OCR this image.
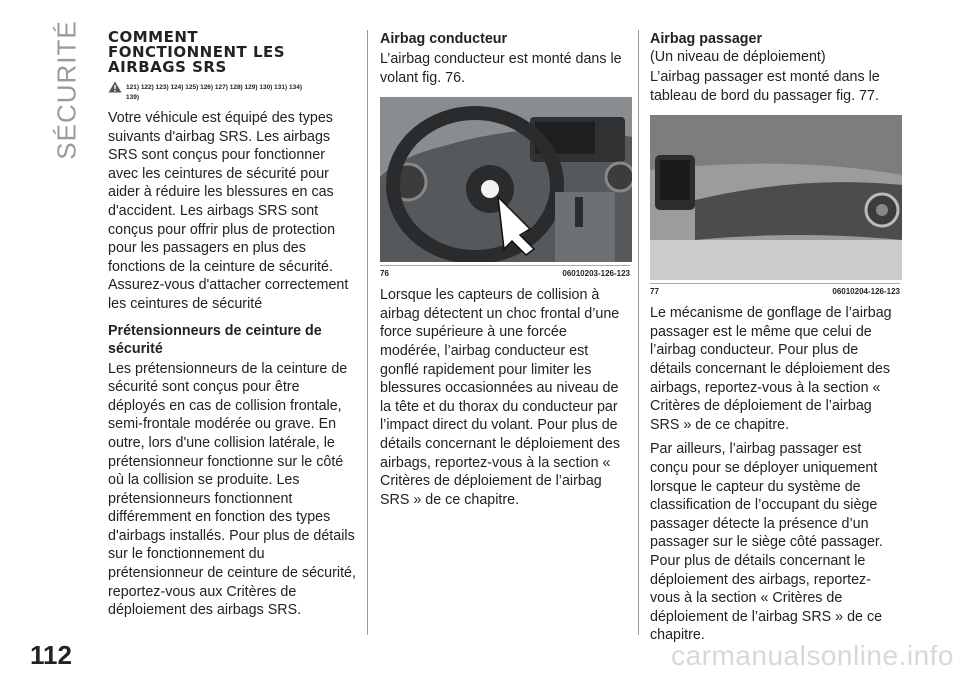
SÉCURITÉ
112
COMMENT
FONCTIONNENT LES
AIRBAGS SRS
121) 122) 123) 124) 125) 126) 127) 128) 129) 130) 131) 134)
139)

Votre véhicule est équipé des types suivants d'airbag SRS. Les airbags SRS sont conçus pour fonctionner avec les ceintures de sécurité pour aider à réduire les blessures en cas d'accident. Les airbags SRS sont conçus pour offrir plus de protection pour les passagers en plus des fonctions de la ceinture de sécurité. Assurez-vous d'attacher correctement les ceintures de sécurité

Prétensionneurs de ceinture de sécurité

Les prétensionneurs de la ceinture de sécurité sont conçus pour être déployés en cas de collision frontale, semi-frontale modérée ou grave. En outre, lors d'une collision latérale, le prétensionneur fonctionne sur le côté où la collision se produite. Les prétensionneurs fonctionnent différemment en fonction des types d'airbags installés. Pour plus de détails sur le fonctionnement du prétensionneur de ceinture de sécurité, reportez-vous aux Critères de déploiement des airbags SRS.

Airbag conducteur

L’airbag conducteur est monté dans le volant fig. 76.

76	06010203-126-123

Lorsque les capteurs de collision à airbag détectent un choc frontal d’une force supérieure à une forcée modérée, l’airbag conducteur est gonflé rapidement pour limiter les blessures occasionnées au niveau de la tête et du thorax du conducteur par l’impact direct du volant. Pour plus de détails concernant le déploiement des airbags, reportez-vous à la section « Critères de déploiement de l’airbag SRS » de ce chapitre.

Airbag passager

(Un niveau de déploiement)

L’airbag passager est monté dans le tableau de bord du passager fig. 77.

77	06010204-126-123

Le mécanisme de gonflage de l’airbag passager est le même que celui de l’airbag conducteur. Pour plus de détails concernant le déploiement des airbags, reportez-vous à la section « Critères de déploiement de l’airbag SRS » de ce chapitre.

Par ailleurs, l’airbag passager est conçu pour se déployer uniquement lorsque le capteur du système de classification de l’occupant du siège passager détecte la présence d’un passager sur le siège côté passager. Pour plus de détails concernant le déploiement des airbags, reportez-vous à la section « Critères de déploiement de l’airbag SRS » de ce chapitre.

carmanualsonline.info
